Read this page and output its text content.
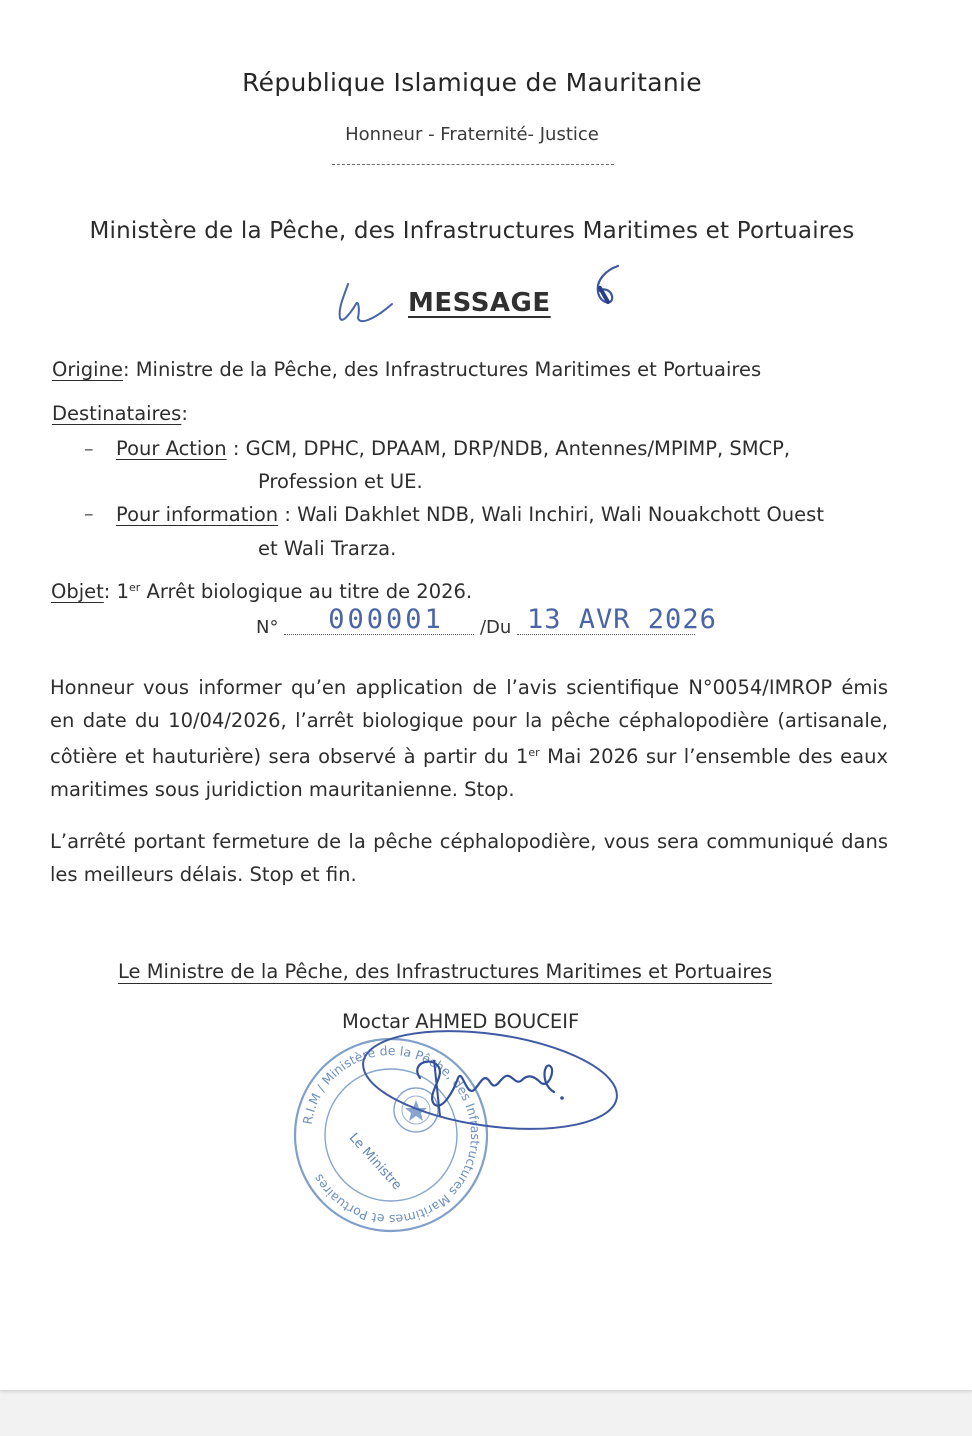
République Islamique de Mauritanie
Honneur - Fraternité- Justice
Ministère de la Pêche, des Infrastructures Maritimes et Portuaires
MESSAGE
Origine: Ministre de la Pêche, des Infrastructures Maritimes et Portuaires
Destinataires:
– Pour Action : GCM, DPHC, DPAAM, DRP/NDB, Antennes/MPIMP, SMCP,
Profession et UE.
– Pour information : Wali Dakhlet NDB, Wali Inchiri, Wali Nouakchott Ouest
et Wali Trarza.
Objet: 1er Arrêt biologique au titre de 2026.
N° 000001 /Du 13 AVR 2026
Honneur vous informer qu’en application de l’avis scientifique N°0054/IMROP émis en date du 10/04/2026, l’arrêt biologique pour la pêche céphalopodière (artisanale, côtière et hauturière) sera observé à partir du 1er Mai 2026 sur l’ensemble des eaux maritimes sous juridiction mauritanienne. Stop.
L’arrêté portant fermeture de la pêche céphalopodière, vous sera communiqué dans les meilleurs délais. Stop et fin.
Le Ministre de la Pêche, des Infrastructures Maritimes et Portuaires
Moctar AHMED BOUCEIF
R.I.M / Ministère de la Pêche, des Infrastructures Maritimes et Portuaires	Le Ministre
